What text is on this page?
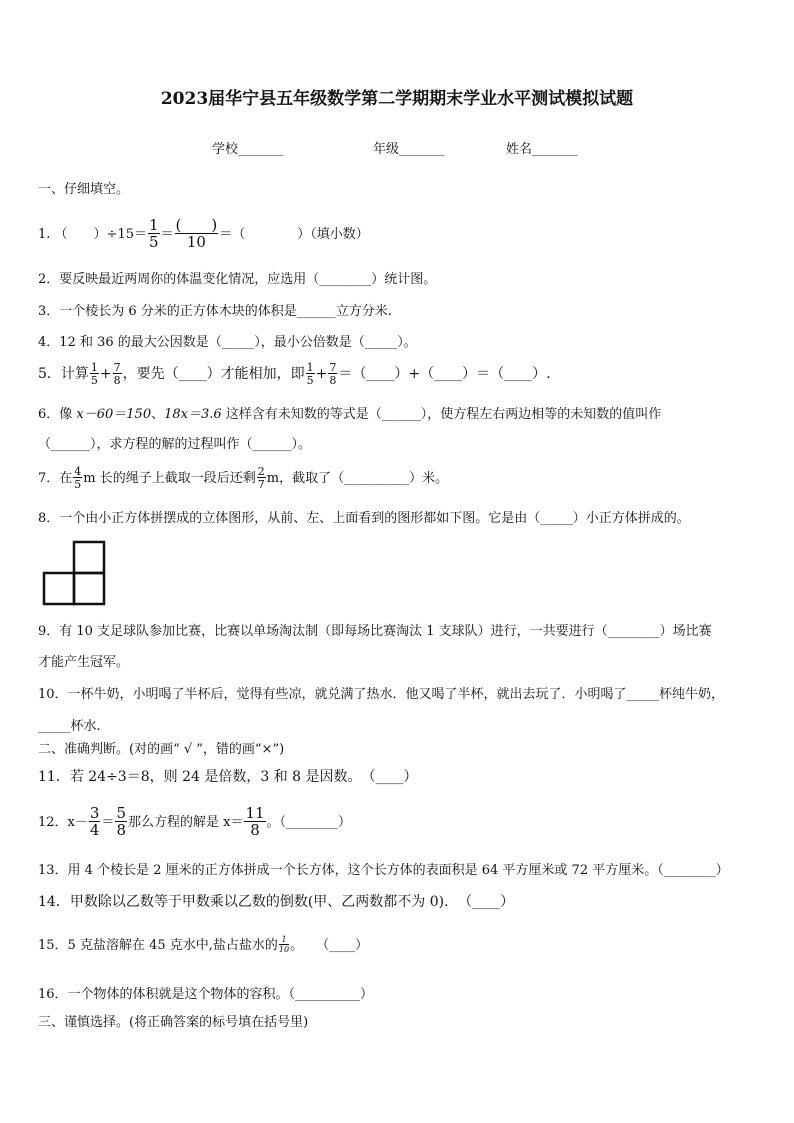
2023届华宁县五年级数学第二学期期末学业水平测试模拟试题
学校_______	年级_______	姓名_______
一、仔细填空。
1. （　　）$\div 15= \frac{1}{5}$ ＝ (　　)
10	＝（　　　　）（填小数）
2．要反映最近两周你的体温变化情况，应选用（________）统计图。
3．一个棱长为 6 分米的正方体木块的体积是______立方分米.
4．12 和 36 的最大公因数是（_____），最小公倍数是（_____）。
5．计算 $\frac{1}{5} + \frac{7}{8}$ ，要先（____）才能相加，即 $\frac{1}{5} + \frac{7}{8}$ ＝（____）+（____）＝（____）.
6．像 x－60＝150、18x＝3.6 这样含有未知数的等式是（______），使方程左右两边相等的未知数的值叫作
（______），求方程的解的过程叫作（______）。
7．在 $\frac{4}{5}$ m 长的绳子上截取一段后还剩 $\frac{2}{7}$ m，截取了（__________）米。
8．一个由小正方体拼摆成的立体图形，从前、左、上面看到的图形都如下图。它是由（_____）小正方体拼成的。
9．有 10 支足球队参加比赛，比赛以单场淘汰制（即每场比赛淘汰 1 支球队）进行，一共要进行（________）场比赛
才能产生冠军。
10．一杯牛奶，小明喝了半杯后，觉得有些凉，就兑满了热水．他又喝了半杯，就出去玩了．小明喝了_____杯纯牛奶，
_____杯水.
二、准确判断。(对的画“ √ ”，错的画“×”)
11．若 24÷3＝8，则 24 是倍数，3 和 8 是因数。　（____）
12．$x- \frac{3}{4} = \frac{5}{8}$ 那么方程的解是 $x= \frac{11}{8}$ 。（________）
13．用 4 个棱长是 2 厘米的正方体拼成一个长方体，这个长方体的表面积是 64 平方厘米或 72 平方厘米。（________）
14．甲数除以乙数等于甲数乘以乙数的倒数(甲、乙两数都不为 0)．　（____）
15．5 克盐溶解在 45 克水中,盐占盐水的 $\frac{1}{10}$ 。　　（____）
16．一个物体的体积就是这个物体的容积。（__________）
三、谨慎选择。(将正确答案的标号填在括号里)
